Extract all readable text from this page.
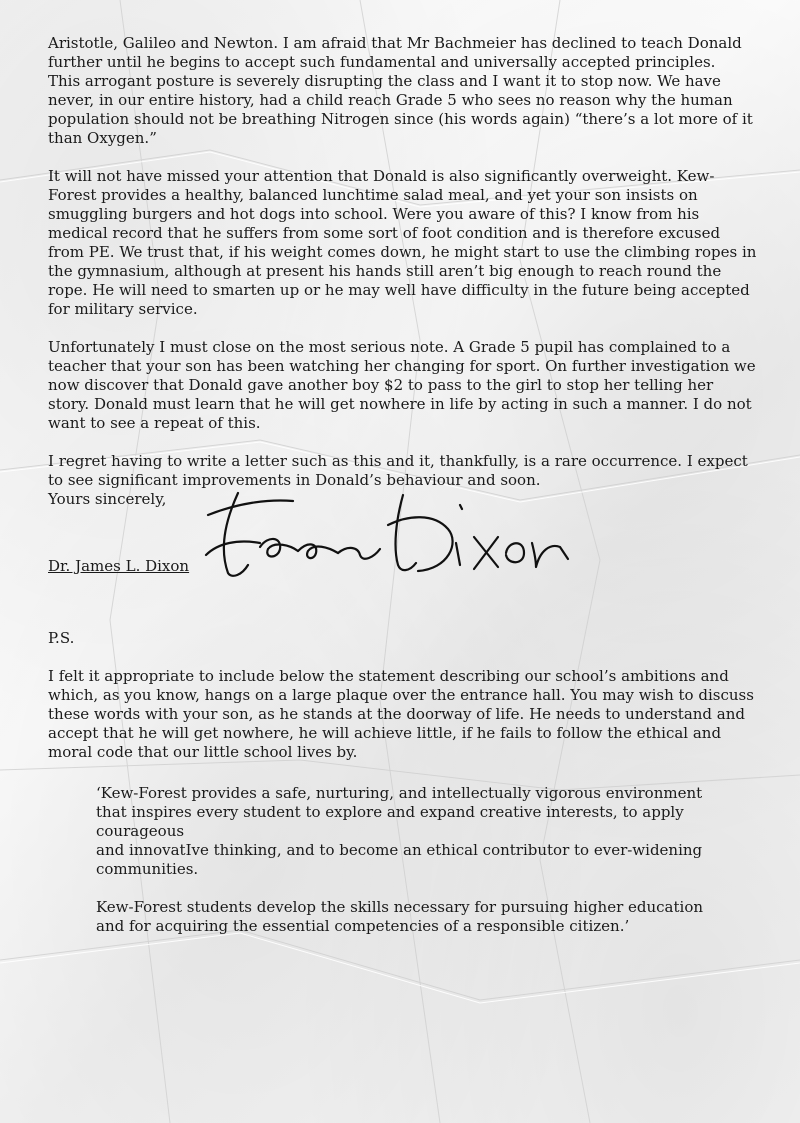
Aristotle, Galileo and Newton. I am afraid that Mr Bachmeier has declined to teach Donald further until he begins to accept such fundamental and universally accepted principles.

This arrogant posture is severely disrupting the class and I want it to stop now. We have never, in our entire history, had a child reach Grade 5 who sees no reason why the human population should not be breathing Nitrogen since (his words again) “there’s a lot more of it than Oxygen.”

It will not have missed your attention that Donald is also significantly overweight. Kew-Forest provides a healthy, balanced lunchtime salad meal, and yet your son insists on smuggling burgers and hot dogs into school. Were you aware of this? I know from his medical record that he suffers from some sort of foot condition and is therefore excused from PE. We trust that, if his weight comes down, he might start to use the climbing ropes in the gymnasium, although at present his hands still aren’t big enough to reach round the rope. He will need to smarten up or he may well have difficulty in the future being accepted for military service.

Unfortunately I must close on the most serious note. A Grade 5 pupil has complained to a teacher that your son has been watching her changing for sport. On further investigation we now discover that Donald gave another boy $2 to pass to the girl to stop her telling her story. Donald must learn that he will get nowhere in life by acting in such a manner. I do not want to see a repeat of this.

I regret having to write a letter such as this and it, thankfully, is a rare occurrence. I expect to see significant improvements in Donald’s behaviour and soon.

Yours sincerely,

Dr. James L. Dixon

P.S.

I felt it appropriate to include below the statement describing our school’s ambitions and which, as you know, hangs on a large plaque over the entrance hall. You may wish to discuss these words with your son, as he stands at the doorway of life. He needs to understand and accept that he will get nowhere, he will achieve little, if he fails to follow the ethical and moral code that our little school lives by.

‘Kew-Forest provides a safe, nurturing, and intellectually vigorous environment that inspires every student to explore and expand creative interests, to apply courageous

and innovatIve thinking, and to become an ethical contributor to ever-widening communities.

Kew-Forest students develop the skills necessary for pursuing higher education and for acquiring the essential competencies of a responsible citizen.’
